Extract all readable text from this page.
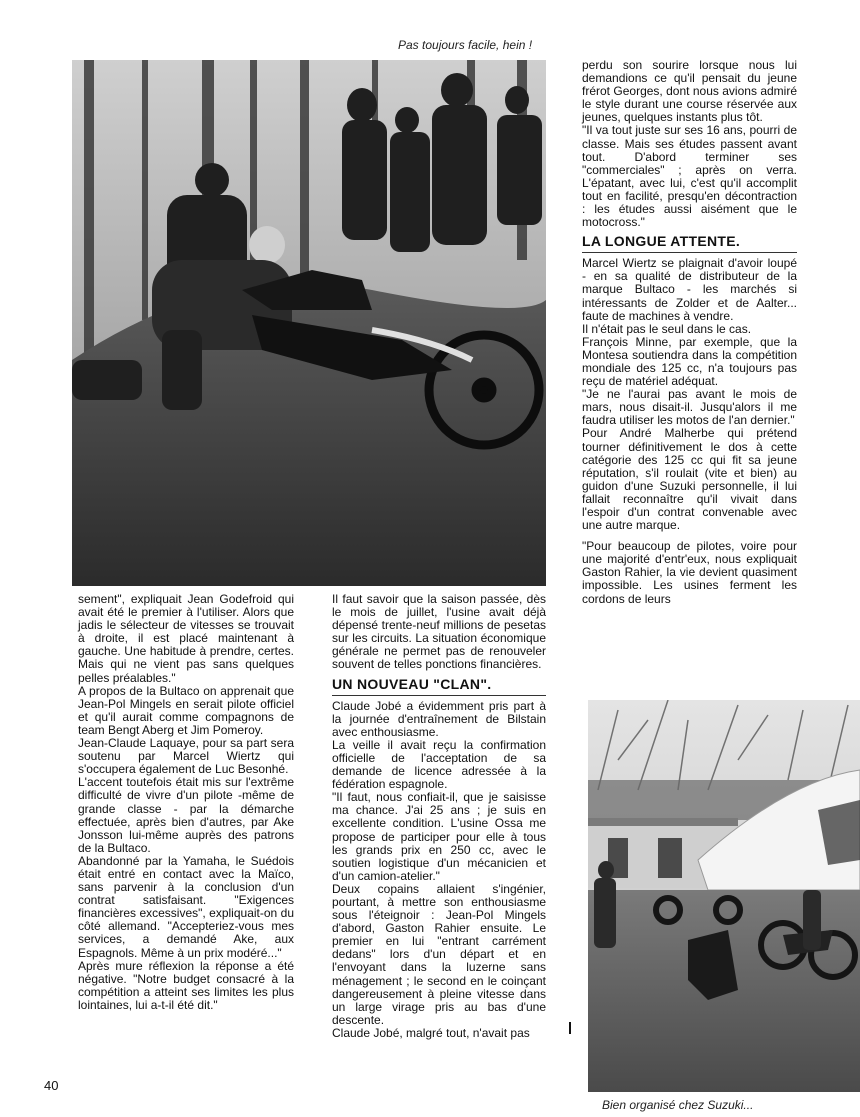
Pas toujours facile, hein !

sement", expliquait Jean Godefroid qui avait été le premier à l'utiliser. Alors que jadis le sélecteur de vitesses se trouvait à droite, il est placé maintenant à gauche. Une habitude à prendre, certes. Mais qui ne vient pas sans quelques pelles préalables."

A propos de la Bultaco on apprenait que Jean-Pol Mingels en serait pilote officiel et qu'il aurait comme compagnons de team Bengt Aberg et Jim Pomeroy.

Jean-Claude Laquaye, pour sa part sera soutenu par Marcel Wiertz qui s'occupera également de Luc Besonhé.

L'accent toutefois était mis sur l'extrême difficulté de vivre d'un pilote -même de grande classe - par la démarche effectuée, après bien d'autres, par Ake Jonsson lui-même auprès des patrons de la Bultaco.

Abandonné par la Yamaha, le Suédois était entré en contact avec la Maïco, sans parvenir à la conclusion d'un contrat satisfaisant. "Exigences financières excessives", expliquait-on du côté allemand. "Accepteriez-vous mes services, a demandé Ake, aux Espagnols. Même à un prix modéré..."

Après mure réflexion la réponse a été négative. "Notre budget consacré à la compétition a atteint ses limites les plus lointaines, lui a-t-il été dit."

Il faut savoir que la saison passée, dès le mois de juillet, l'usine avait déjà dépensé trente-neuf millions de pesetas sur les circuits. La situation économique générale ne permet pas de renouveler souvent de telles ponctions financières.

UN NOUVEAU "CLAN".

Claude Jobé a évidemment pris part à la journée d'entraînement de Bilstain avec enthousiasme.

La veille il avait reçu la confirmation officielle de l'acceptation de sa demande de licence adressée à la fédération espagnole.

"Il faut, nous confiait-il, que je saisisse ma chance. J'ai 25 ans ; je suis en excellente condition. L'usine Ossa me propose de participer pour elle à tous les grands prix en 250 cc, avec le soutien logistique d'un mécanicien et d'un camion-atelier."

Deux copains allaient s'ingénier, pourtant, à mettre son enthousiasme sous l'éteignoir : Jean-Pol Mingels d'abord, Gaston Rahier ensuite. Le premier en lui "entrant carrément dedans" lors d'un départ et en l'envoyant dans la luzerne sans ménagement ; le second en le coinçant dangereusement à pleine vitesse dans un large virage pris au bas d'une descente.

Claude Jobé, malgré tout, n'avait pas

perdu son sourire lorsque nous lui demandions ce qu'il pensait du jeune frérot Georges, dont nous avions admiré le style durant une course réservée aux jeunes, quelques instants plus tôt.

"Il va tout juste sur ses 16 ans, pourri de classe. Mais ses études passent avant tout. D'abord terminer ses "commerciales" ; après on verra. L'épatant, avec lui, c'est qu'il accomplit tout en facilité, presqu'en décontraction : les études aussi aisément que le motocross."

LA LONGUE ATTENTE.

Marcel Wiertz se plaignait d'avoir loupé - en sa qualité de distributeur de la marque Bultaco - les marchés si intéressants de Zolder et de Aalter... faute de machines à vendre.

Il n'était pas le seul dans le cas.

François Minne, par exemple, que la Montesa soutiendra dans la compétition mondiale des 125 cc, n'a toujours pas reçu de matériel adéquat.

"Je ne l'aurai pas avant le mois de mars, nous disait-il. Jusqu'alors il me faudra utiliser les motos de l'an dernier."

Pour André Malherbe qui prétend tourner définitivement le dos à cette catégorie des 125 cc qui fit sa jeune réputation, s'il roulait (vite et bien) au guidon d'une Suzuki personnelle, il lui fallait reconnaître qu'il vivait dans l'espoir d'un contrat convenable avec une autre marque.

"Pour beaucoup de pilotes, voire pour une majorité d'entr'eux, nous expliquait Gaston Rahier, la vie devient quasiment impossible. Les usines ferment les cordons de leurs

40
Bien organisé chez Suzuki...
